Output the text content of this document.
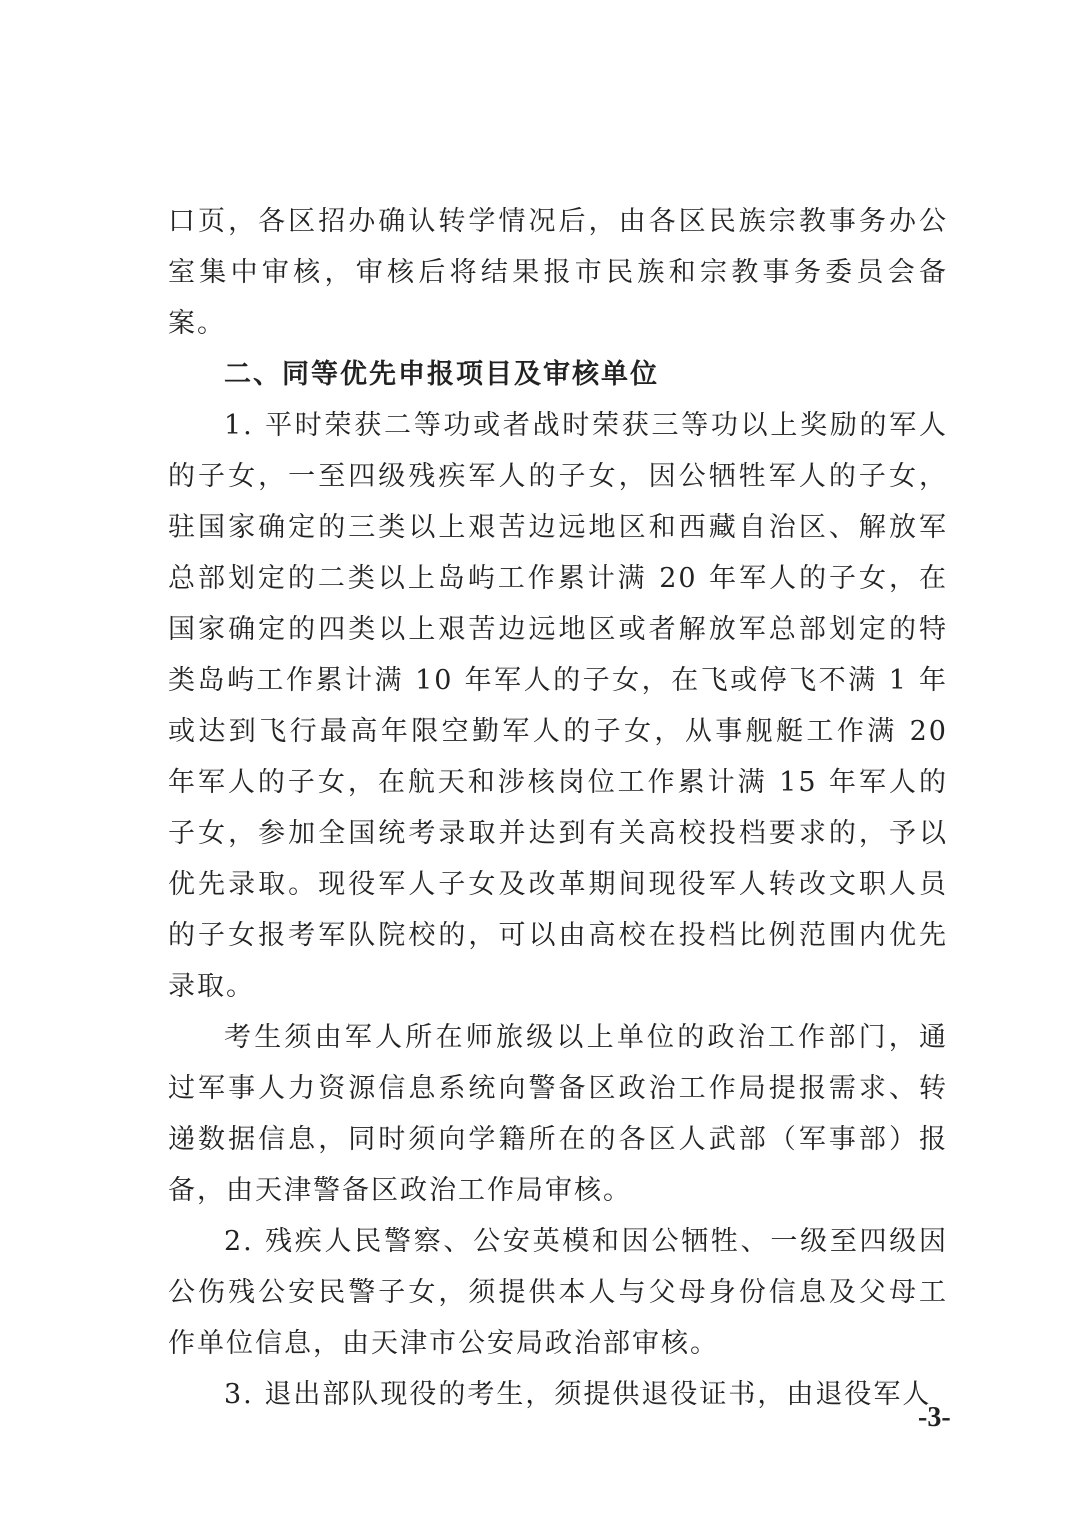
口页，各区招办确认转学情况后，由各区民族宗教事务办公室集中审核，审核后将结果报市民族和宗教事务委员会备案。

二、同等优先申报项目及审核单位

1. 平时荣获二等功或者战时荣获三等功以上奖励的军人的子女，一至四级残疾军人的子女，因公牺牲军人的子女，驻国家确定的三类以上艰苦边远地区和西藏自治区、解放军总部划定的二类以上岛屿工作累计满 20 年军人的子女，在国家确定的四类以上艰苦边远地区或者解放军总部划定的特类岛屿工作累计满 10 年军人的子女，在飞或停飞不满 1 年或达到飞行最高年限空勤军人的子女，从事舰艇工作满 20 年军人的子女，在航天和涉核岗位工作累计满 15 年军人的子女，参加全国统考录取并达到有关高校投档要求的，予以优先录取。现役军人子女及改革期间现役军人转改文职人员的子女报考军队院校的，可以由高校在投档比例范围内优先录取。

考生须由军人所在师旅级以上单位的政治工作部门，通过军事人力资源信息系统向警备区政治工作局提报需求、转递数据信息，同时须向学籍所在的各区人武部（军事部）报备，由天津警备区政治工作局审核。

2. 残疾人民警察、公安英模和因公牺牲、一级至四级因公伤残公安民警子女，须提供本人与父母身份信息及父母工作单位信息，由天津市公安局政治部审核。

3. 退出部队现役的考生，须提供退役证书，由退役军人

-3-
